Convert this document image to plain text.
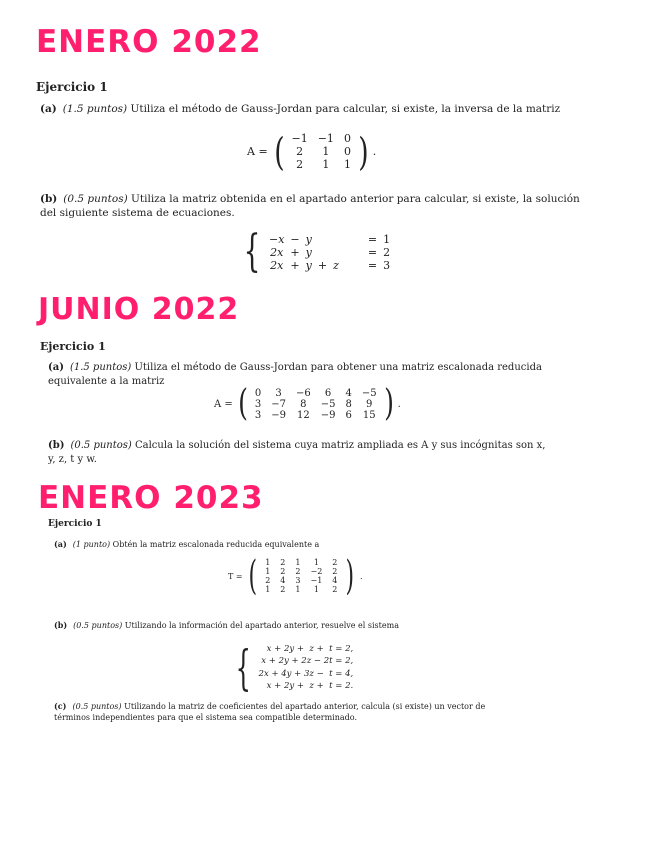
ENERO 2022
Ejercicio 1
(a) (1.5 puntos) Utiliza el método de Gauss-Jordan para calcular, si existe, la inversa de la matriz
A = ( −1	−1	0
2	1	0
2	1	1 ) .
(b) (0.5 puntos) Utiliza la matriz obtenida en el apartado anterior para calcular, si existe, la solución del siguiente sistema de ecuaciones.
{ −x	−	y			=	1
2x	+	y			=	2
2x	+	y	+	z	=	3
JUNIO 2022
Ejercicio 1
(a) (1.5 puntos) Utiliza el método de Gauss-Jordan para obtener una matriz escalonada reducida equivalente a la matriz
A = ( 0	3	−6	6	4	−5
3	−7	8	−5	8	9
3	−9	12	−9	6	15 ) .
(b) (0.5 puntos) Calcula la solución del sistema cuya matriz ampliada es A y sus incógnitas son x, y, z, t y w.
ENERO 2023
Ejercicio 1
(a) (1 punto) Obtén la matriz escalonada reducida equivalente a
T = ( 1	2	1	1	2
1	2	2	−2	2
2	4	3	−1	4
1	2	1	1	2 ) .
(b) (0.5 puntos) Utilizando la información del apartado anterior, resuelve el sistema
{	x + 2y +  z +  t = 2,
x + 2y + 2z − 2t = 2,
2x + 4y + 3z −  t = 4,
x + 2y +  z +  t = 2.
(c) (0.5 puntos) Utilizando la matriz de coeficientes del apartado anterior, calcula (si existe) un vector de términos independientes para que el sistema sea compatible determinado.
